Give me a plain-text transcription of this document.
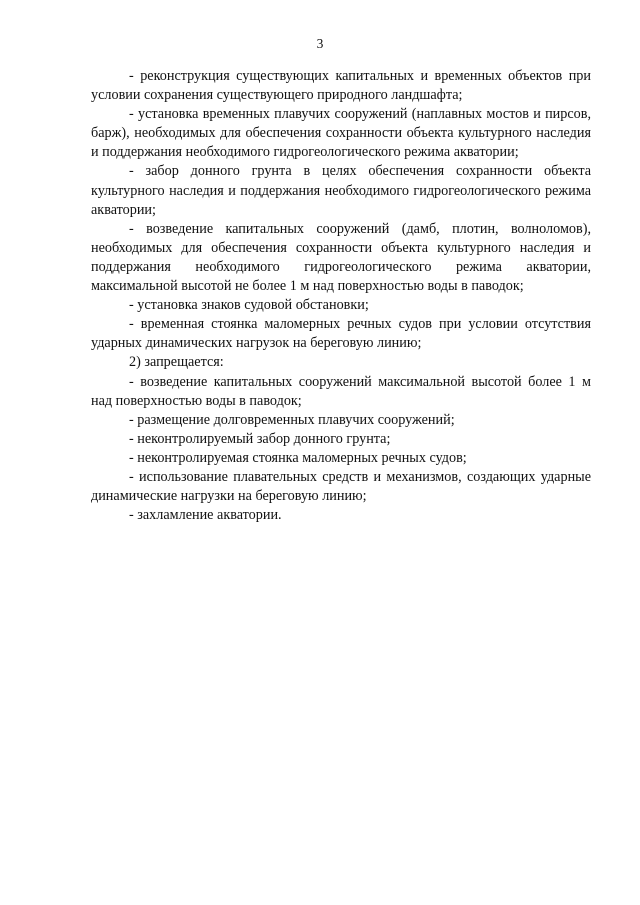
3

- реконструкция существующих капитальных и временных объектов при условии сохранения существующего природного ландшафта;

- установка временных плавучих сооружений (наплавных мостов и пирсов, барж), необходимых для обеспечения сохранности объекта культурного наследия и поддержания необходимого гидрогеологического режима акватории;

- забор донного грунта в целях обеспечения сохранности объекта культурного наследия и поддержания необходимого гидрогеологического режима акватории;

- возведение капитальных сооружений (дамб, плотин, волноломов), необходимых для обеспечения сохранности объекта культурного наследия и поддержания необходимого гидрогеологического режима акватории, максимальной высотой не более 1 м над поверхностью воды в паводок;

- установка знаков судовой обстановки;

- временная стоянка маломерных речных судов при условии отсутствия ударных динамических нагрузок на береговую линию;

2) запрещается:

- возведение капитальных сооружений максимальной высотой более 1 м над поверхностью воды в паводок;

- размещение долговременных плавучих сооружений;

- неконтролируемый забор донного грунта;

- неконтролируемая стоянка маломерных речных судов;

- использование плавательных средств и механизмов, создающих ударные динамические нагрузки на береговую линию;

- захламление акватории.
